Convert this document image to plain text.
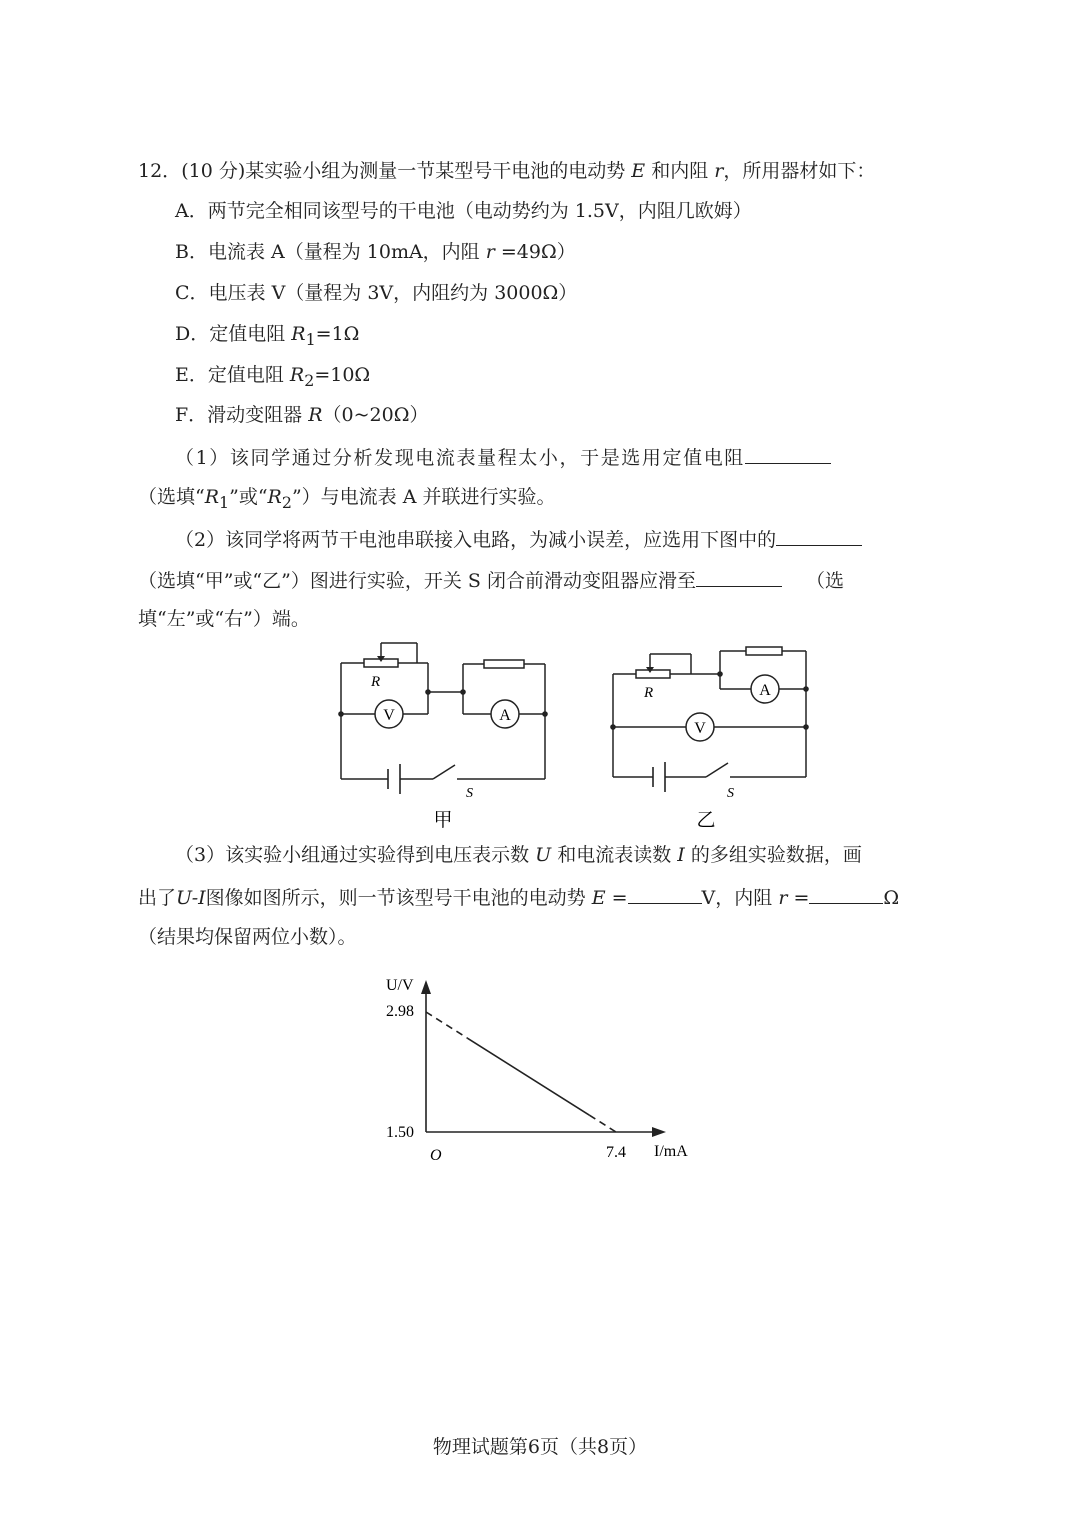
12．(10 分)某实验小组为测量一节某型号干电池的电动势 E 和内阻 r，所用器材如下：
A．两节完全相同该型号的干电池（电动势约为 1.5V，内阻几欧姆）
B．电流表 A（量程为 10mA，内阻 r =49Ω）
C．电压表 V（量程为 3V，内阻约为 3000Ω）
D．定值电阻 $R_1=1\Omega$
E．定值电阻 $R_2=10\Omega$
F．滑动变阻器 R（0~20Ω）
（1）该同学通过分析发现电流表量程太小，于是选用定值电阻
（选填“$R_1$”或“$R_2$”）与电流表 A 并联进行实验。
（2）该同学将两节干电池串联接入电路，为减小误差，应选用下图中的
（选填“甲”或“乙”）图进行实验，开关 S 闭合前滑动变阻器应滑至	（选
填“左”或“右”）端。
R
V	A
S
甲
R	A
V
S
乙
（3）该实验小组通过实验得到电压表示数 U 和电流表读数 I 的多组实验数据，画
出了U-I图像如图所示，则一节该型号干电池的电动势 E =	V，内阻 r =	Ω
（结果均保留两位小数）。
U/V
I/mA
O
2.98
1.50
7.4
物理试题第6页（共8页）
